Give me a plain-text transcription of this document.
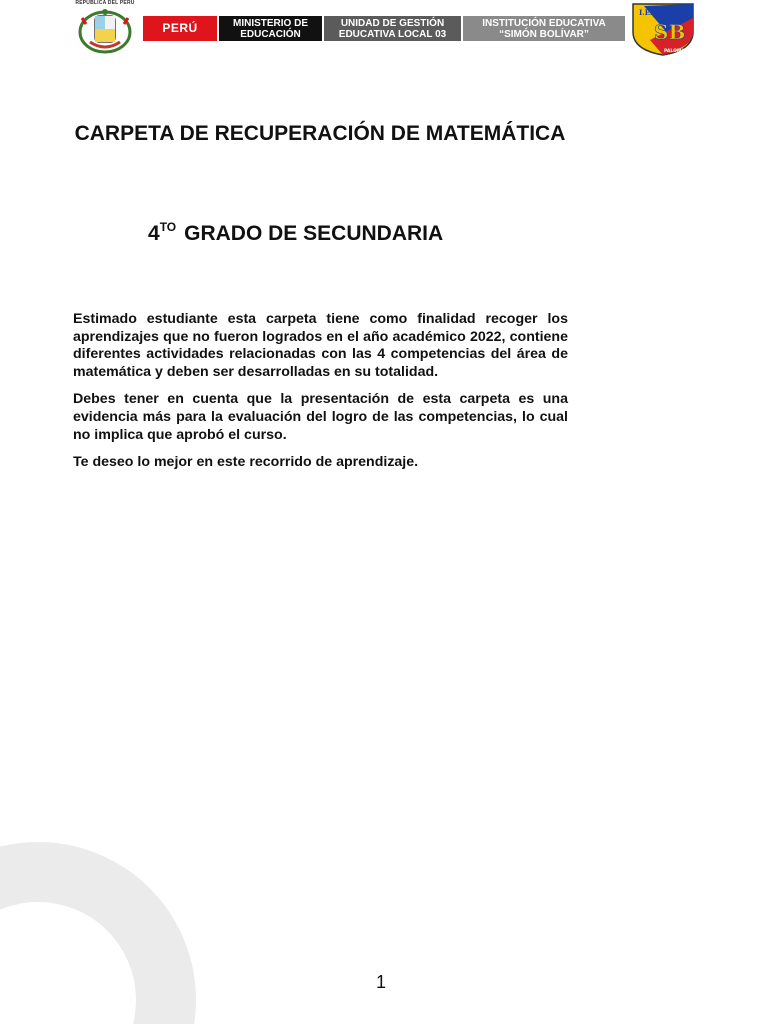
REPÚBLICA DEL PERÚ
PERÚ	MINISTERIO DE EDUCACIÓN
UNIDAD DE GESTIÓN EDUCATIVA LOCAL 03
INSTITUCIÓN EDUCATIVA “SIMÓN BOLÍVAR”
I.E.
SB
PALOMINO
CARPETA DE RECUPERACIÓN DE MATEMÁTICA
$4^{TO}$ GRADO DE SECUNDARIA

Estimado estudiante esta carpeta tiene como finalidad recoger los aprendizajes que no fueron logrados en el año académico 2022, contiene diferentes actividades relacionadas con las 4 competencias del área de matemática y deben ser desarrolladas en su totalidad.

Debes tener en cuenta que la presentación de esta carpeta es una evidencia más para la evaluación del logro de las competencias, lo cual no implica que aprobó el curso.

Te deseo lo mejor en este recorrido de aprendizaje.

1
